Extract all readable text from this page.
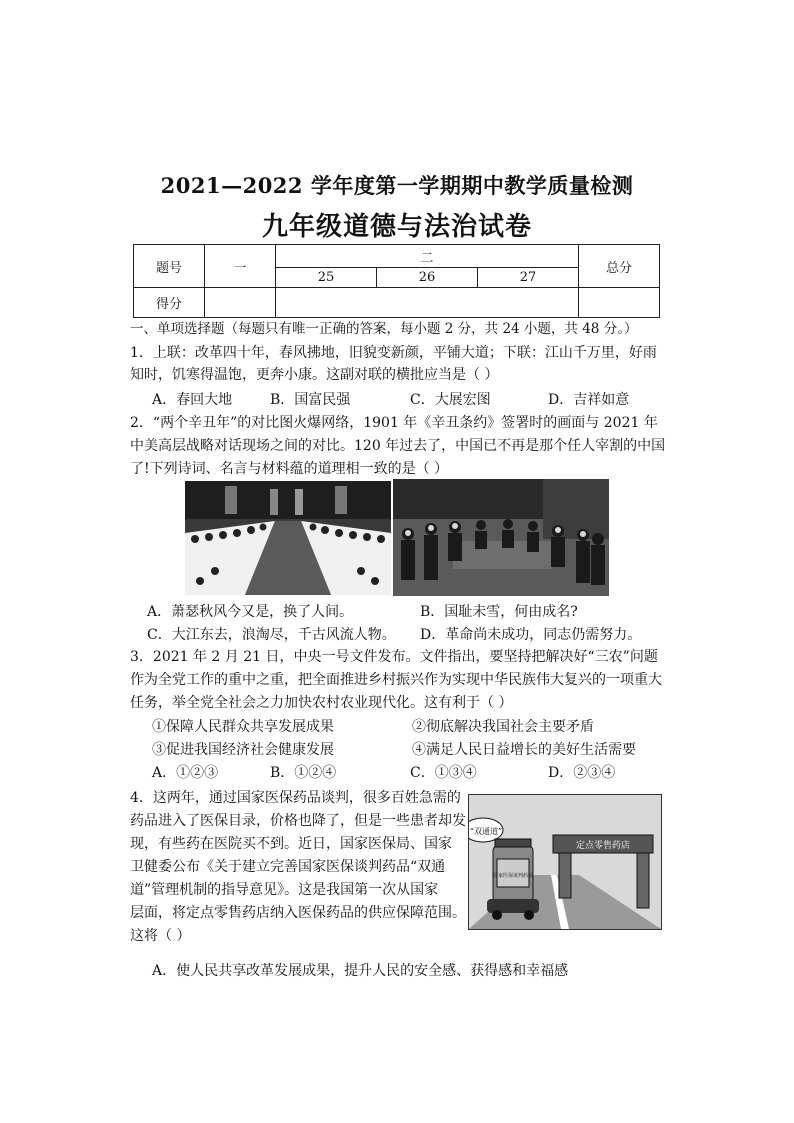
2021—2022 学年度第一学期期中教学质量检测
九年级道德与法治试卷
题号	一	二			总分
		25	26	27	
得分					
一、单项选择题（每题只有唯一正确的答案，每小题 2 分，共 24 小题，共 48 分。）
1．上联：改革四十年，春风拂地，旧貌变新颜，平铺大道；下联：江山千万里，好雨
知时，饥寒得温饱，更奔小康。这副对联的横批应当是（ ）
A．春回大地	B．国富民强	C．大展宏图	D．吉祥如意
2．“两个辛丑年”的对比图火爆网络，1901 年《辛丑条约》签署时的画面与 2021 年
中美高层战略对话现场之间的对比。120 年过去了，中国已不再是那个任人宰割的中国
了!下列诗词、名言与材料蕴的道理相一致的是（ ）
A．萧瑟秋风今又是，换了人间。	B．国耻未雪，何由成名?
C．大江东去，浪淘尽，千古风流人物。 D．革命尚未成功，同志仍需努力。
3．2021 年 2 月 21 日，中央一号文件发布。文件指出，要坚持把解决好“三农”问题
作为全党工作的重中之重，把全面推进乡村振兴作为实现中华民族伟大复兴的一项重大
任务，举全党全社会之力加快农村农业现代化。这有利于（ ）
①保障人民群众共享发展成果	②彻底解决我国社会主要矛盾
③促进我国经济社会健康发展	④满足人民日益增长的美好生活需要
A．①②③	B．①②④	C．①③④	D．②③④
4．这两年，通过国家医保药品谈判，很多百姓急需的
药品进入了医保目录，价格也降了，但是一些患者却发
现，有些药在医院买不到。近日，国家医保局、国家
卫健委公布《关于建立完善国家医保谈判药品“双通
道”管理机制的指导意见》。这是我国第一次从国家
层面，将定点零售药店纳入医保药品的供应保障范围。
这将（ ）
定点零售药店
“双通道”
国家医保谈判药品
A．使人民共享改革发展成果，提升人民的安全感、获得感和幸福感
